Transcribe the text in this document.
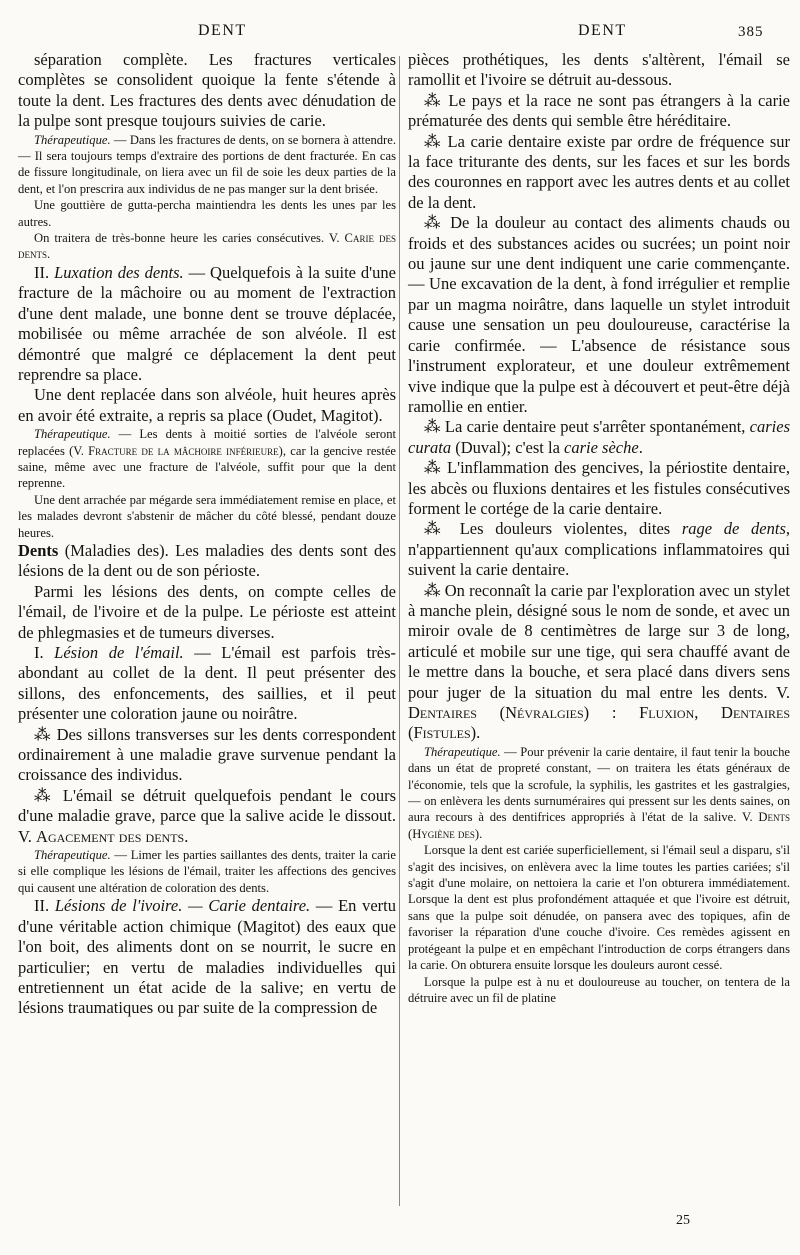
DENT	DENT	385

séparation complète. Les fractures verticales complètes se consolident quoique la fente s'étende à toute la dent. Les fractures des dents avec dénudation de la pulpe sont presque toujours suivies de carie.

Thérapeutique. — Dans les fractures de dents, on se bornera à attendre. — Il sera toujours temps d'extraire des portions de dent fracturée. En cas de fissure longitudinale, on liera avec un fil de soie les deux parties de la dent, et l'on prescrira aux individus de ne pas manger sur la dent brisée.

Une gouttière de gutta-percha maintiendra les dents les unes par les autres.

On traitera de très-bonne heure les caries consécutives. V. Carie des dents.

II. Luxation des dents. — Quelquefois à la suite d'une fracture de la mâchoire ou au moment de l'extraction d'une dent malade, une bonne dent se trouve déplacée, mobilisée ou même arrachée de son alvéole. Il est démontré que malgré ce déplacement la dent peut reprendre sa place.

Une dent replacée dans son alvéole, huit heures après en avoir été extraite, a repris sa place (Oudet, Magitot).

Thérapeutique. — Les dents à moitié sorties de l'alvéole seront replacées (V. Fracture de la mâchoire inférieure), car la gencive restée saine, même avec une fracture de l'alvéole, suffit pour que la dent reprenne.

Une dent arrachée par mégarde sera immédiatement remise en place, et les malades devront s'abstenir de mâcher du côté blessé, pendant douze heures.

Dents (Maladies des). Les maladies des dents sont des lésions de la dent ou de son périoste.

Parmi les lésions des dents, on compte celles de l'émail, de l'ivoire et de la pulpe. Le périoste est atteint de phlegmasies et de tumeurs diverses.

I. Lésion de l'émail. — L'émail est parfois très-abondant au collet de la dent. Il peut présenter des sillons, des enfoncements, des saillies, et il peut présenter une coloration jaune ou noirâtre.

⁂ Des sillons transverses sur les dents correspondent ordinairement à une maladie grave survenue pendant la croissance des individus.

⁂ L'émail se détruit quelquefois pendant le cours d'une maladie grave, parce que la salive acide le dissout. V. Agacement des dents.

Thérapeutique. — Limer les parties saillantes des dents, traiter la carie si elle complique les lésions de l'émail, traiter les affections des gencives qui causent une altération de coloration des dents.

II. Lésions de l'ivoire. — Carie dentaire. — En vertu d'une véritable action chimique (Magitot) des eaux que l'on boit, des aliments dont on se nourrit, le sucre en particulier; en vertu de maladies individuelles qui entretiennent un état acide de la salive; en vertu de lésions traumatiques ou par suite de la compression de

pièces prothétiques, les dents s'altèrent, l'émail se ramollit et l'ivoire se détruit au-dessous.

⁂ Le pays et la race ne sont pas étrangers à la carie prématurée des dents qui semble être héréditaire.

⁂ La carie dentaire existe par ordre de fréquence sur la face triturante des dents, sur les faces et sur les bords des couronnes en rapport avec les autres dents et au collet de la dent.

⁂ De la douleur au contact des aliments chauds ou froids et des substances acides ou sucrées; un point noir ou jaune sur une dent indiquent une carie commençante. — Une excavation de la dent, à fond irrégulier et remplie par un magma noirâtre, dans laquelle un stylet introduit cause une sensation un peu douloureuse, caractérise la carie confirmée. — L'absence de résistance sous l'instrument explorateur, et une douleur extrêmement vive indique que la pulpe est à découvert et peut-être déjà ramollie en entier.

⁂ La carie dentaire peut s'arrêter spontanément, caries curata (Duval); c'est la carie sèche.

⁂ L'inflammation des gencives, la périostite dentaire, les abcès ou fluxions dentaires et les fistules consécutives forment le cortége de la carie dentaire.

⁂ Les douleurs violentes, dites rage de dents, n'appartiennent qu'aux complications inflammatoires qui suivent la carie dentaire.

⁂ On reconnaît la carie par l'exploration avec un stylet à manche plein, désigné sous le nom de sonde, et avec un miroir ovale de 8 centimètres de large sur 3 de long, articulé et mobile sur une tige, qui sera chauffé avant de le mettre dans la bouche, et sera placé dans divers sens pour juger de la situation du mal entre les dents. V. Dentaires (Névralgies) : Fluxion, Dentaires (Fistules).

Thérapeutique. — Pour prévenir la carie dentaire, il faut tenir la bouche dans un état de propreté constant, — on traitera les états généraux de l'économie, tels que la scrofule, la syphilis, les gastrites et les gastralgies, — on enlèvera les dents surnuméraires qui pressent sur les dents saines, on aura recours à des dentifrices appropriés à l'état de la salive. V. Dents (Hygiène des).

Lorsque la dent est cariée superficiellement, si l'émail seul a disparu, s'il s'agit des incisives, on enlèvera avec la lime toutes les parties cariées; s'il s'agit d'une molaire, on nettoiera la carie et l'on obturera immédiatement. Lorsque la dent est plus profondément attaquée et que l'ivoire est détruit, sans que la pulpe soit dénudée, on pansera avec des topiques, afin de favoriser la réparation d'une couche d'ivoire. Ces remèdes agissent en protégeant la pulpe et en empêchant l'introduction de corps étrangers dans la carie. On obturera ensuite lorsque les douleurs auront cessé.

Lorsque la pulpe est à nu et douloureuse au toucher, on tentera de la détruire avec un fil de platine

25
